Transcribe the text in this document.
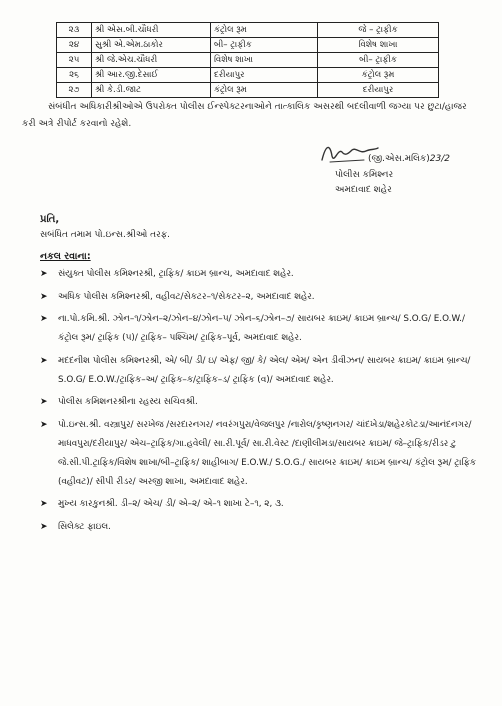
૨૩	શ્રી એસ.બી.ચૌધરી	કંટ્રોલ રૂમ	જે – ટ્રાફીક
૨૪	સુશ્રી એ.એમ.ઠાકોર	બી– ટ્રાફીક	વિશેષ શાખા
૨૫	શ્રી જે.એચ.ચૌધરી	વિશેષ શાખા	બી– ટ્રાફીક
૨૬	શ્રી આર.જી.દેસાઈ	દરીયાપુર	કંટ્રોલ રૂમ
૨૭	શ્રી કે.ડી.જાટ	કંટ્રોલ રૂમ	દરીયાપુર

સંબંધીત અધિકારીશ્રીઓએ ઉપરોક્ત પોલીસ ઈન્સ્પેક્ટરનાઓને તાત્કાલિક અસરથી બદલીવાળી જગ્યા પર છુટા/હાજર કરી અત્રે રીપોર્ટ કરવાનો રહેશે.

(જી.એસ.મલિક)23/2
પોલીસ કમિશ્નર
અમદાવાદ શહેર
પ્રતિ,
સબંધિત તમામ પો.ઇન્સ.શ્રીઓ તરફ.
નકલ રવાના:
➤ સંયુક્ત પોલીસ કમિશ્નરશ્રી, ટ્રાફિક/ ક્રાઇમ બ્રાન્ચ, અમદાવાદ શહેર.
➤ અધિક પોલીસ કમિશ્નરશ્રી, વહીવટ/સેકટર–૧/સેકટર–૨, અમદાવાદ શહેર.
➤ ના.પો.કમિ.શ્રી. ઝોન–૧/ઝોન–૨/ઝોન–૪/ઝોન–૫/ ઝોન–૬/ઝોન–૭/ સાયબર ક્રાઇમ/ ક્રાઇમ બ્રાન્ચ/ S.O.G/ E.O.W./ કંટ્રોલ રૂમ/ ટ્રાફિક (૫)/ ટ્રાફિક– પશ્ચિમ/ ટ્રાફિક–પૂર્વ, અમદાવાદ શહેર.
➤ મદદનીશ પોલીસ કમિશ્નરશ્રી, એ/ બી/ ડી/ ઇ/ એફ/ જી/ કે/ એલ/ એમ/ એન ડીવીઝન/ સાયબર ક્રાઇમ/ ક્રાઇમ બ્રાન્ચ/ S.O.G/ E.O.W./ટ્રાફિક–અ/ ટ્રાફિક–ક/ટ્રાફિક–ડ/ ટ્રાફિક (વ)/ અમદાવાદ શહેર.
➤ પોલીસ કમિશનરશ્રીના રહસ્ય સચિવશ્રી.
➤ પો.ઇન્સ.શ્રી. વસ્ત્રાપુર/ સરખેજ /સરદારનગર/ નવરંગપુરા/વેજલપુર /નારોલ/કૃષ્ણનગર/ ચાંદખેડા/શહેરકોટડા/આનંદનગર/ માધવપુરા/દરીયાપુર/ એચ–ટ્રાફિક/ગા.હવેલી/ સા.રી.પૂર્વ/ સા.રી.વેસ્ટ /દાણીલીમડા/સાયબર ક્રાઇમ/ જે–ટ્રાફિક/રીડર ટુ જે.સી.પી.ટ્રાફિક/વિશેષ શાખા/બી–ટ્રાફિક/ શાહીબાગ/ E.O.W./ S.O.G./ સાયબર ક્રાઇમ/ ક્રાઇમ બ્રાન્ચ/ કંટ્રોલ રૂમ/ ટ્રાફિક (વહીવટ)/ સીપી રીડર/ અરજી શાખા, અમદાવાદ શહેર.
➤ મુખ્ય કારકુનશ્રી. ડી–૨/ એચ/ ડી/ એ–૨/ એ–૧ શાખા ટે–૧, ૨, ૩.
➤ સિલેક્ટ ફાઇલ.
